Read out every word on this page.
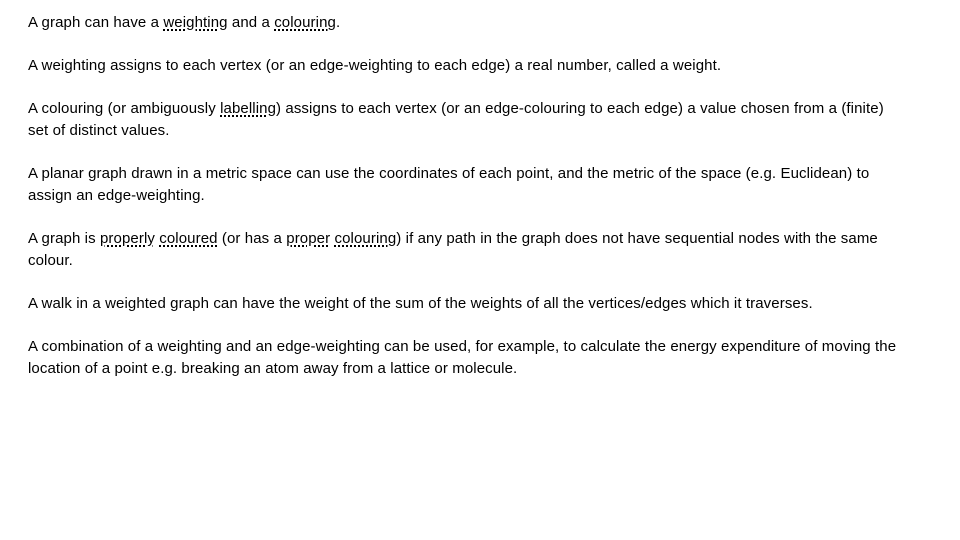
A graph can have a weighting and a colouring.

A weighting assigns to each vertex (or an edge-weighting to each edge) a real number, called a weight.

A colouring (or ambiguously labelling) assigns to each vertex (or an edge-colouring to each edge) a value chosen from a (finite) set of distinct values.

A planar graph drawn in a metric space can use the coordinates of each point, and the metric of the space (e.g. Euclidean) to assign an edge-weighting.

A graph is properly coloured (or has a proper colouring) if any path in the graph does not have sequential nodes with the same colour.

A walk in a weighted graph can have the weight of the sum of the weights of all the vertices/edges which it traverses.

A combination of a weighting and an edge-weighting can be used, for example, to calculate the energy expenditure of moving the location of a point e.g. breaking an atom away from a lattice or molecule.
